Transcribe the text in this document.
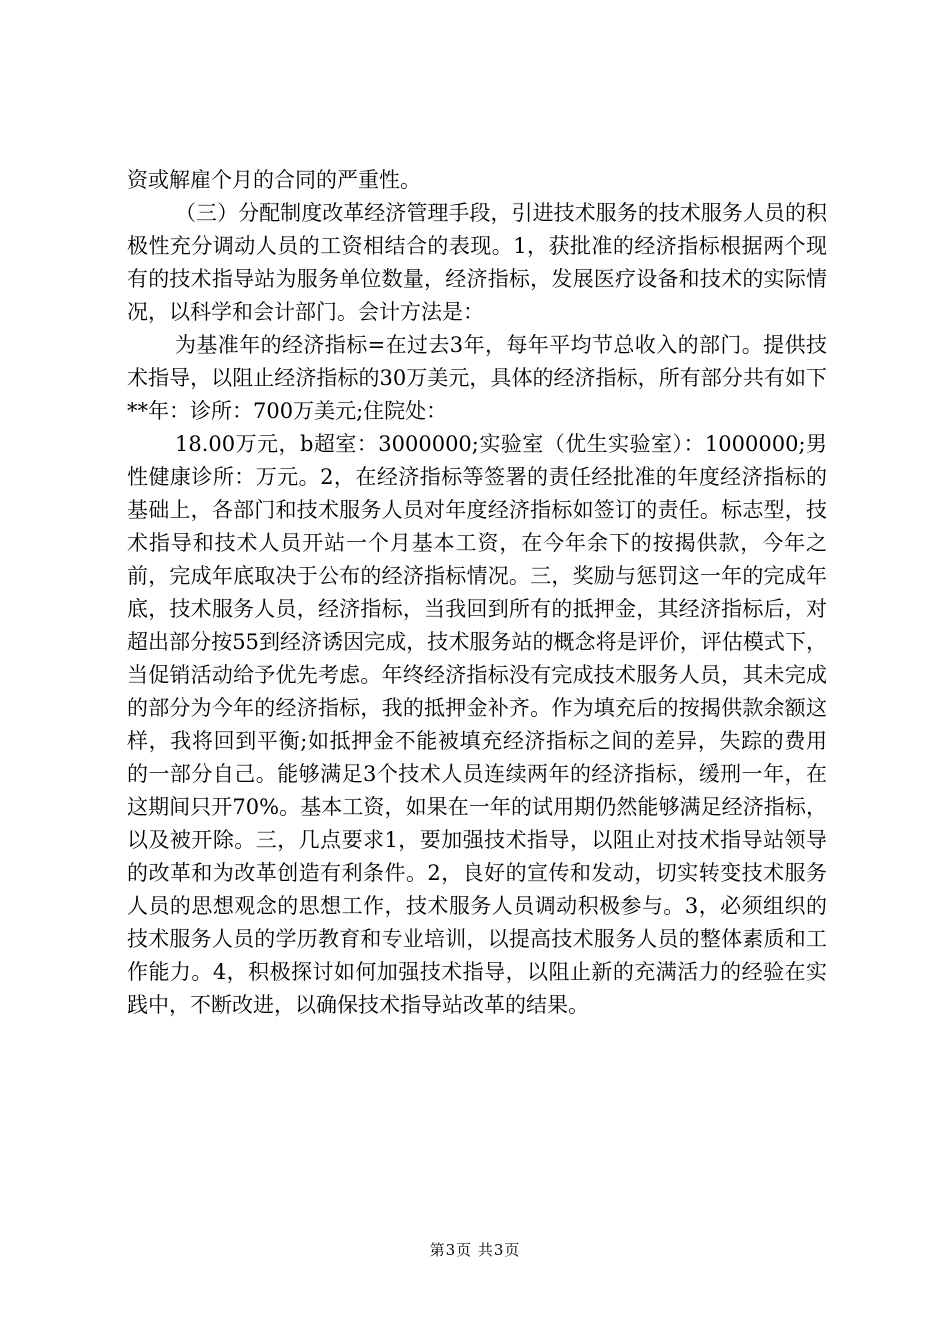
资或解雇个月的合同的严重性。

（三）分配制度改革经济管理手段，引进技术服务的技术服务人员的积极性充分调动人员的工资相结合的表现。1，获批准的经济指标根据两个现有的技术指导站为服务单位数量，经济指标，发展医疗设备和技术的实际情况，以科学和会计部门。会计方法是：

为基准年的经济指标=在过去3年，每年平均节总收入的部门。提供技术指导，以阻止经济指标的30万美元，具体的经济指标，所有部分共有如下**年：诊所：700万美元;住院处：

18.00万元，b超室：3000000;实验室（优生实验室）：1000000;男性健康诊所：万元。2，在经济指标等签署的责任经批准的年度经济指标的基础上，各部门和技术服务人员对年度经济指标如签订的责任。标志型，技术指导和技术人员开站一个月基本工资，在今年余下的按揭供款，今年之前，完成年底取决于公布的经济指标情况。三，奖励与惩罚这一年的完成年底，技术服务人员，经济指标，当我回到所有的抵押金，其经济指标后，对超出部分按55到经济诱因完成，技术服务站的概念将是评价，评估模式下，当促销活动给予优先考虑。年终经济指标没有完成技术服务人员，其未完成的部分为今年的经济指标，我的抵押金补齐。作为填充后的按揭供款余额这样，我将回到平衡;如抵押金不能被填充经济指标之间的差异，失踪的费用的一部分自己。能够满足3个技术人员连续两年的经济指标，缓刑一年，在这期间只开70%。基本工资，如果在一年的试用期仍然能够满足经济指标，以及被开除。三，几点要求1，要加强技术指导，以阻止对技术指导站领导的改革和为改革创造有利条件。2，良好的宣传和发动，切实转变技术服务人员的思想观念的思想工作，技术服务人员调动积极参与。3，必须组织的技术服务人员的学历教育和专业培训，以提高技术服务人员的整体素质和工作能力。4，积极探讨如何加强技术指导，以阻止新的充满活力的经验在实践中，不断改进，以确保技术指导站改革的结果。

第3页 共3页
